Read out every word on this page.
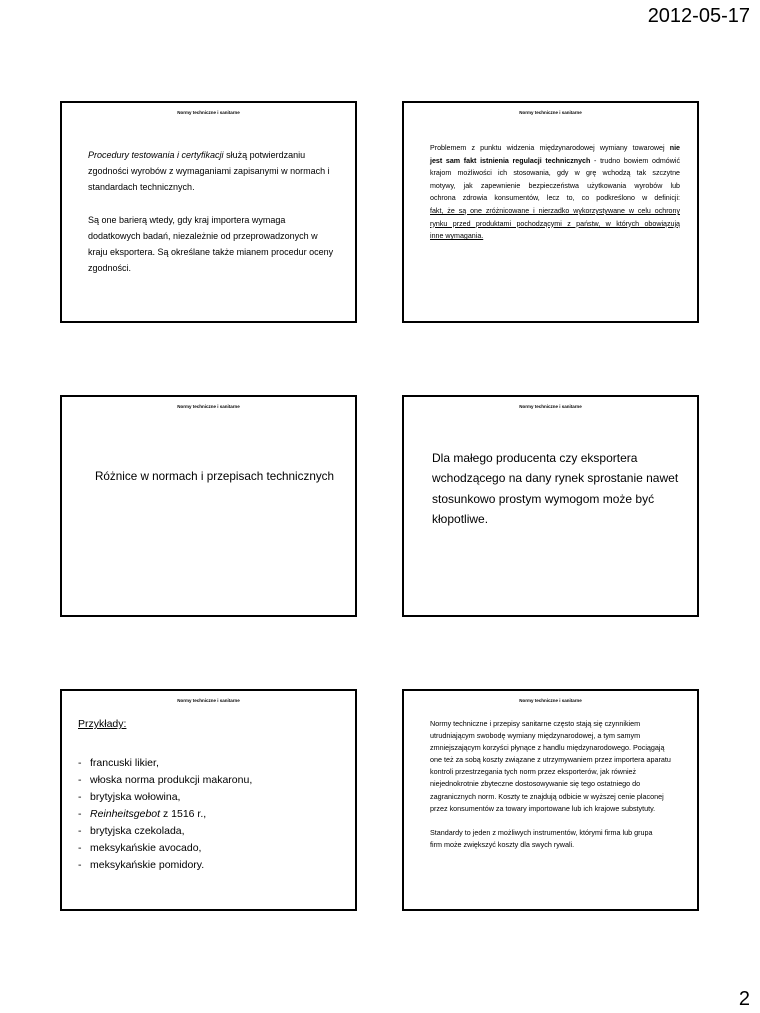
2012-05-17
Normy techniczne i sanitarne
Procedury testowania i certyfikacji służą potwierdzaniu
zgodności wyrobów z wymaganiami zapisanymi w normach i
standardach technicznych.
Są one barierą wtedy, gdy kraj importera wymaga
dodatkowych badań, niezależnie od przeprowadzonych w
kraju eksportera. Są określane także mianem procedur oceny
zgodności.
Normy techniczne i sanitarne
Problemem z punktu widzenia międzynarodowej wymiany towarowej nie
jest sam fakt istnienia regulacji technicznych - trudno bowiem odmówić
krajom możliwości ich stosowania, gdy w grę wchodzą tak szczytne
motywy, jak zapewnienie bezpieczeństwa użytkowania wyrobów lub
ochrona zdrowia konsumentów, lecz to, co podkreślono w definicji:
fakt, że są one zróżnicowane i nierzadko wykorzystywane w celu ochrony
rynku przed produktami pochodzącymi z państw, w których obowiązują
inne wymagania.
Normy techniczne i sanitarne
Różnice w normach i przepisach technicznych
Normy techniczne i sanitarne
Dla małego producenta czy eksportera
wchodzącego na dany rynek sprostanie nawet
stosunkowo prostym wymogom może być
kłopotliwe.
Normy techniczne i sanitarne
Przykłady:
- francuski likier,
- włoska norma produkcji makaronu,
- brytyjska wołowina,
- Reinheitsgebot z 1516 r.,
- brytyjska czekolada,
- meksykańskie avocado,
- meksykańskie pomidory.
Normy techniczne i sanitarne
Normy techniczne i przepisy sanitarne często stają się czynnikiem
utrudniającym swobodę wymiany międzynarodowej, a tym samym
zmniejszającym korzyści płynące z handlu międzynarodowego. Pociągają
one też za sobą koszty związane z utrzymywaniem przez importera aparatu
kontroli przestrzegania tych norm przez eksporterów, jak również
niejednokrotnie zbyteczne dostosowywanie się tego ostatniego do
zagranicznych norm. Koszty te znajdują odbicie w wyższej cenie placonej
przez konsumentów za towary importowane lub ich krajowe substytuty.
Standardy to jeden z możliwych instrumentów, którymi firma lub grupa
firm może zwiększyć koszty dla swych rywali.
2
